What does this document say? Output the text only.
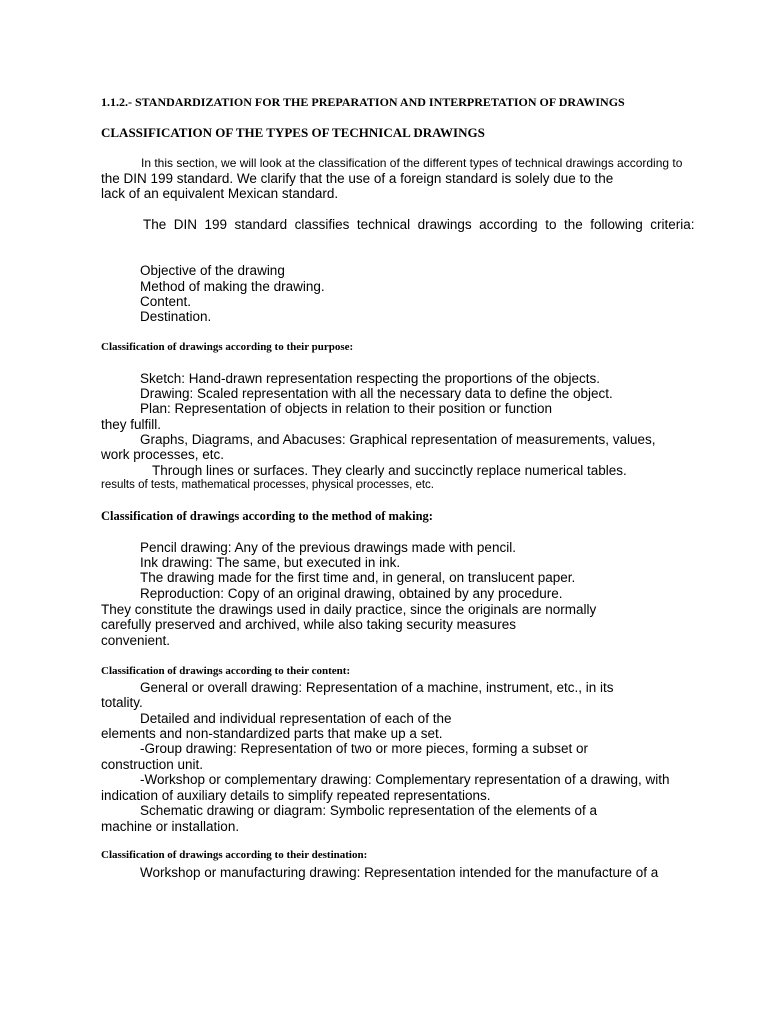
1.1.2.- STANDARDIZATION FOR THE PREPARATION AND INTERPRETATION OF DRAWINGS
CLASSIFICATION OF THE TYPES OF TECHNICAL DRAWINGS
In this section, we will look at the classification of the different types of technical drawings according to
the DIN 199 standard. We clarify that the use of a foreign standard is solely due to the
lack of an equivalent Mexican standard.
The  DIN  199  standard  classifies  technical  drawings  according  to  the  following  criteria:
Objective of the drawing
Method of making the drawing.
Content.
Destination.
Classification of drawings according to their purpose:
Sketch: Hand-drawn representation respecting the proportions of the objects.
Drawing: Scaled representation with all the necessary data to define the object.
Plan: Representation of objects in relation to their position or function
they fulfill.
Graphs, Diagrams, and Abacuses: Graphical representation of measurements, values,
work processes, etc.
Through lines or surfaces. They clearly and succinctly replace numerical tables.
results of tests, mathematical processes, physical processes, etc.
Classification of drawings according to the method of making:
Pencil drawing: Any of the previous drawings made with pencil.
Ink drawing: The same, but executed in ink.
The drawing made for the first time and, in general, on translucent paper.
Reproduction: Copy of an original drawing, obtained by any procedure.
They constitute the drawings used in daily practice, since the originals are normally
carefully preserved and archived, while also taking security measures
convenient.
Classification of drawings according to their content:
General or overall drawing: Representation of a machine, instrument, etc., in its
totality.
Detailed and individual representation of each of the
elements and non-standardized parts that make up a set.
-Group drawing: Representation of two or more pieces, forming a subset or
construction unit.
-Workshop or complementary drawing: Complementary representation of a drawing, with
indication of auxiliary details to simplify repeated representations.
Schematic drawing or diagram: Symbolic representation of the elements of a
machine or installation.
Classification of drawings according to their destination:
Workshop or manufacturing drawing: Representation intended for the manufacture of a
